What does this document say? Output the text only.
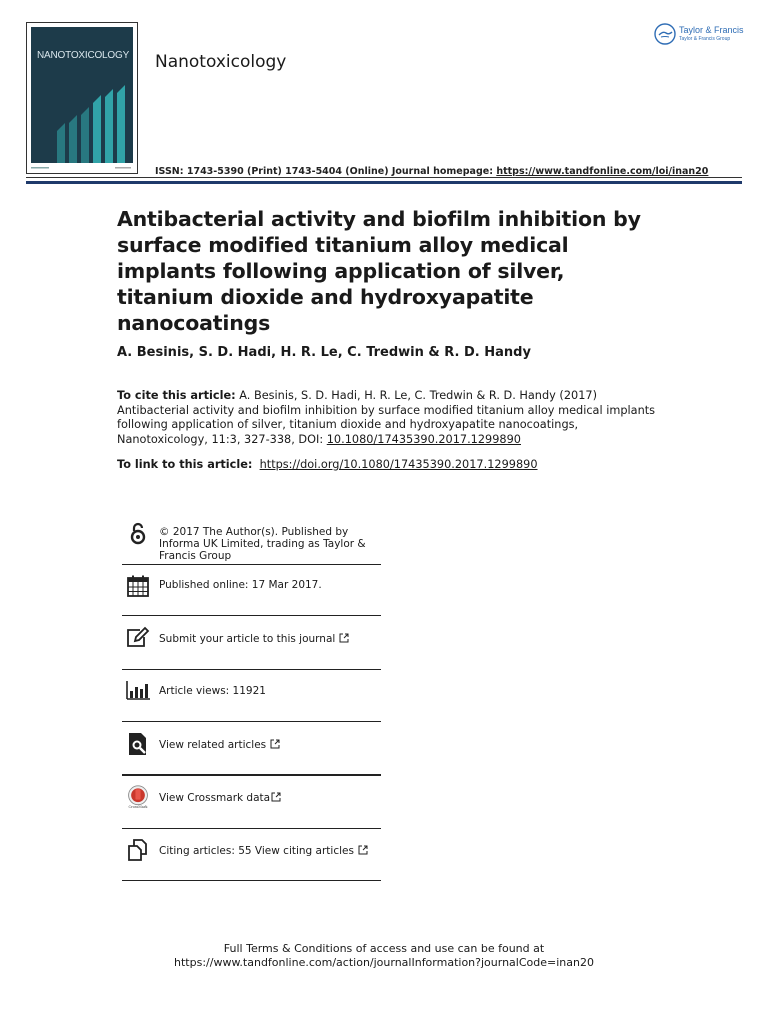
NANOTOXICOLOGY	Nanotoxicology
Taylor & Francis
Taylor & Francis Group
ISSN: 1743-5390 (Print) 1743-5404 (Online) Journal homepage: https://www.tandfonline.com/loi/inan20
Antibacterial activity and biofilm inhibition by surface modified titanium alloy medical implants following application of silver, titanium dioxide and hydroxyapatite nanocoatings
A. Besinis, S. D. Hadi, H. R. Le, C. Tredwin & R. D. Handy
To cite this article: A. Besinis, S. D. Hadi, H. R. Le, C. Tredwin & R. D. Handy (2017) Antibacterial activity and biofilm inhibition by surface modified titanium alloy medical implants following application of silver, titanium dioxide and hydroxyapatite nanocoatings, Nanotoxicology, 11:3, 327-338, DOI: 10.1080/17435390.2017.1299890
To link to this article: https://doi.org/10.1080/17435390.2017.1299890
© 2017 The Author(s). Published by Informa UK Limited, trading as Taylor & Francis Group
Published online: 17 Mar 2017.
Submit your article to this journal
Article views: 11921
View related articles
CrossMark
View Crossmark data
Citing articles: 55 View citing articles
Full Terms & Conditions of access and use can be found at
https://www.tandfonline.com/action/journalInformation?journalCode=inan20
